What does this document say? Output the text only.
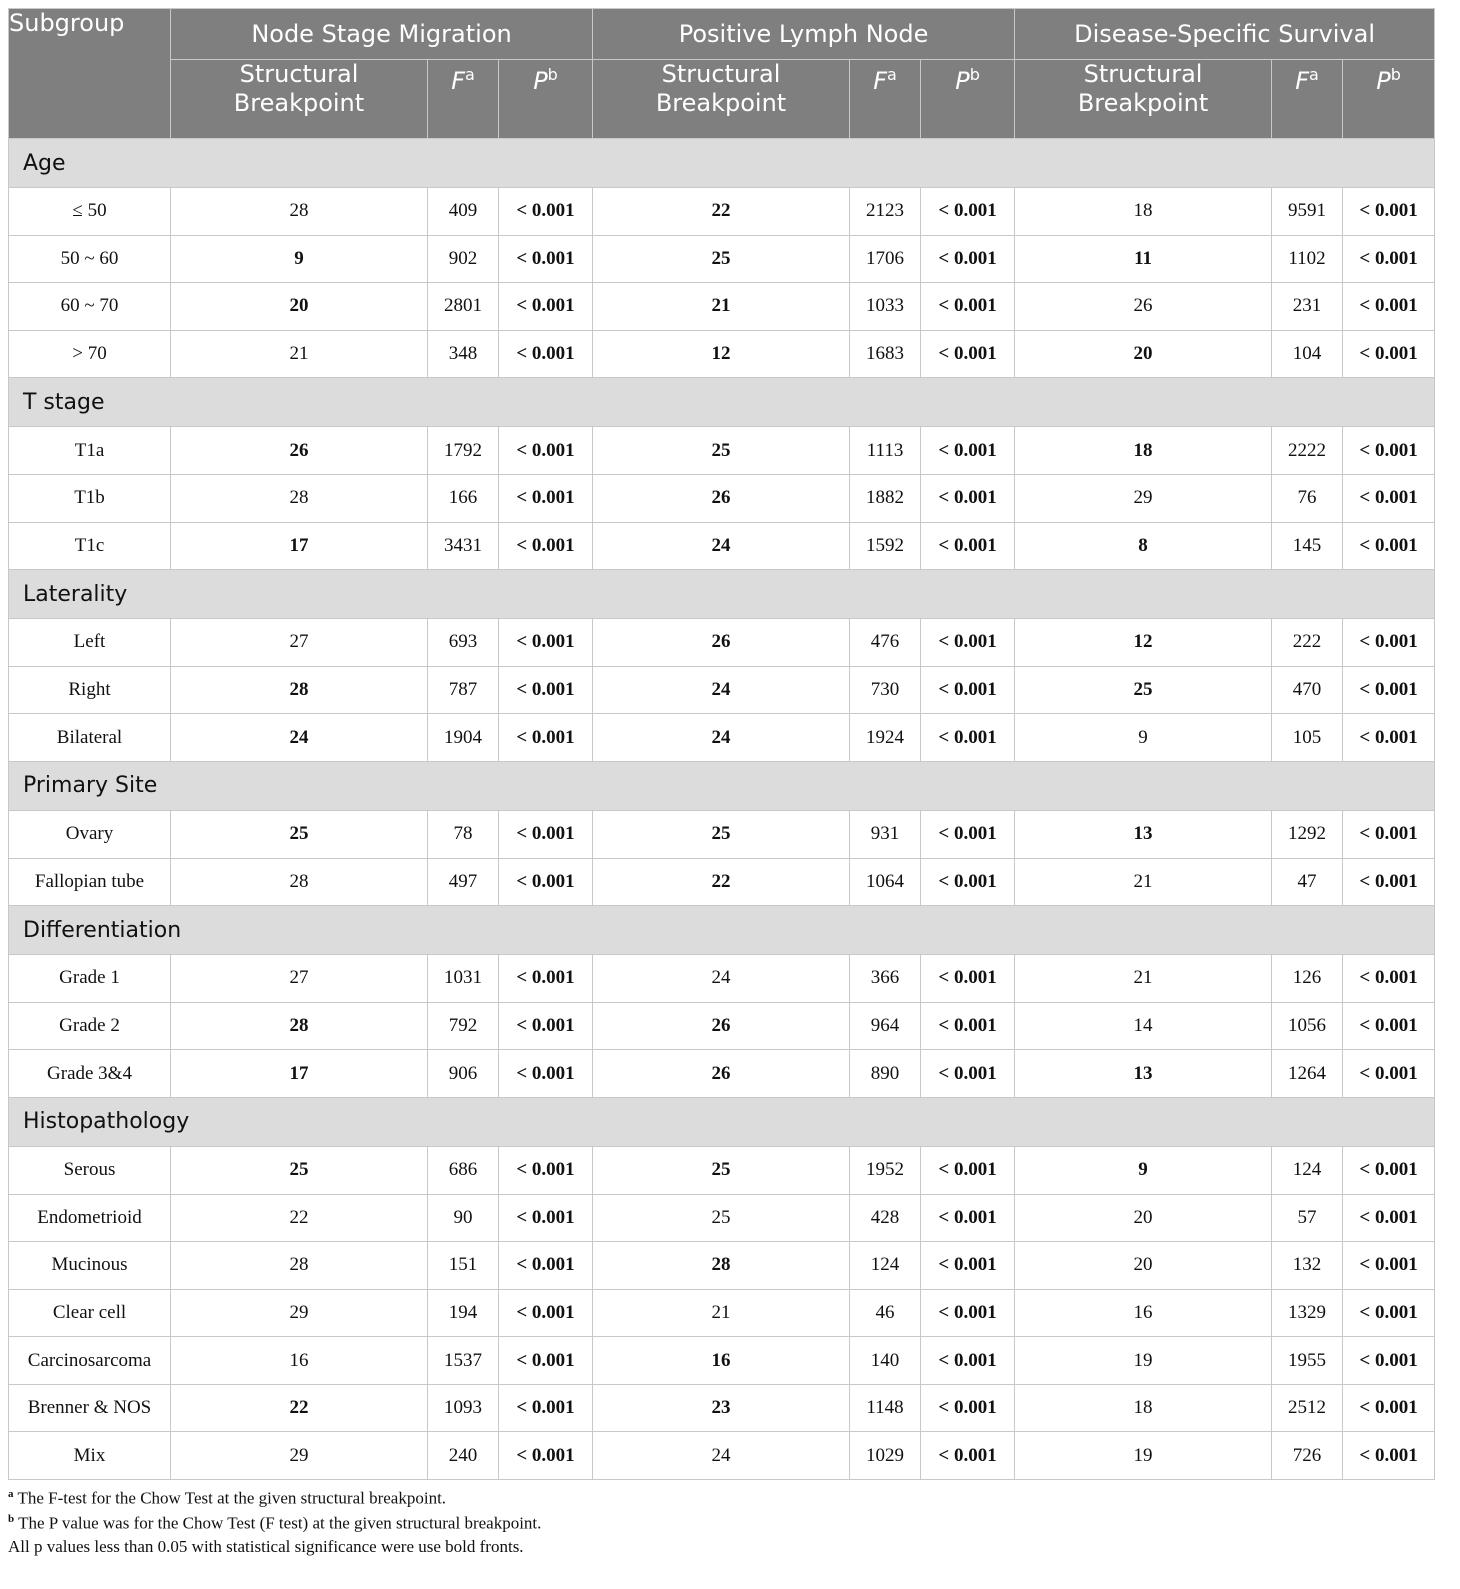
Subgroup	Node Stage Migration			Positive Lymph Node			Disease-Specific Survival		
	Structural Breakpoint	$F^a$	$P^b$	Structural Breakpoint	$F^a$	$P^b$	Structural Breakpoint	$F^a$	$P^b$
Age									
≤ 50	28	409	< 0.001	22	2123	< 0.001	18	9591	< 0.001
50 ~ 60	9	902	< 0.001	25	1706	< 0.001	11	1102	< 0.001
60 ~ 70	20	2801	< 0.001	21	1033	< 0.001	26	231	< 0.001
> 70	21	348	< 0.001	12	1683	< 0.001	20	104	< 0.001
T stage									
T1a	26	1792	< 0.001	25	1113	< 0.001	18	2222	< 0.001
T1b	28	166	< 0.001	26	1882	< 0.001	29	76	< 0.001
T1c	17	3431	< 0.001	24	1592	< 0.001	8	145	< 0.001
Laterality									
Left	27	693	< 0.001	26	476	< 0.001	12	222	< 0.001
Right	28	787	< 0.001	24	730	< 0.001	25	470	< 0.001
Bilateral	24	1904	< 0.001	24	1924	< 0.001	9	105	< 0.001
Primary Site									
Ovary	25	78	< 0.001	25	931	< 0.001	13	1292	< 0.001
Fallopian tube	28	497	< 0.001	22	1064	< 0.001	21	47	< 0.001
Differentiation									
Grade 1	27	1031	< 0.001	24	366	< 0.001	21	126	< 0.001
Grade 2	28	792	< 0.001	26	964	< 0.001	14	1056	< 0.001
Grade 3&4	17	906	< 0.001	26	890	< 0.001	13	1264	< 0.001
Histopathology									
Serous	25	686	< 0.001	25	1952	< 0.001	9	124	< 0.001
Endometrioid	22	90	< 0.001	25	428	< 0.001	20	57	< 0.001
Mucinous	28	151	< 0.001	28	124	< 0.001	20	132	< 0.001
Clear cell	29	194	< 0.001	21	46	< 0.001	16	1329	< 0.001
Carcinosarcoma	16	1537	< 0.001	16	140	< 0.001	19	1955	< 0.001
Brenner & NOS	22	1093	< 0.001	23	1148	< 0.001	18	2512	< 0.001
Mix	29	240	< 0.001	24	1029	< 0.001	19	726	< 0.001
$^a$ The F-test for the Chow Test at the given structural breakpoint.
$^b$ The P value was for the Chow Test (F test) at the given structural breakpoint.
All p values less than 0.05 with statistical significance were use bold fronts.
